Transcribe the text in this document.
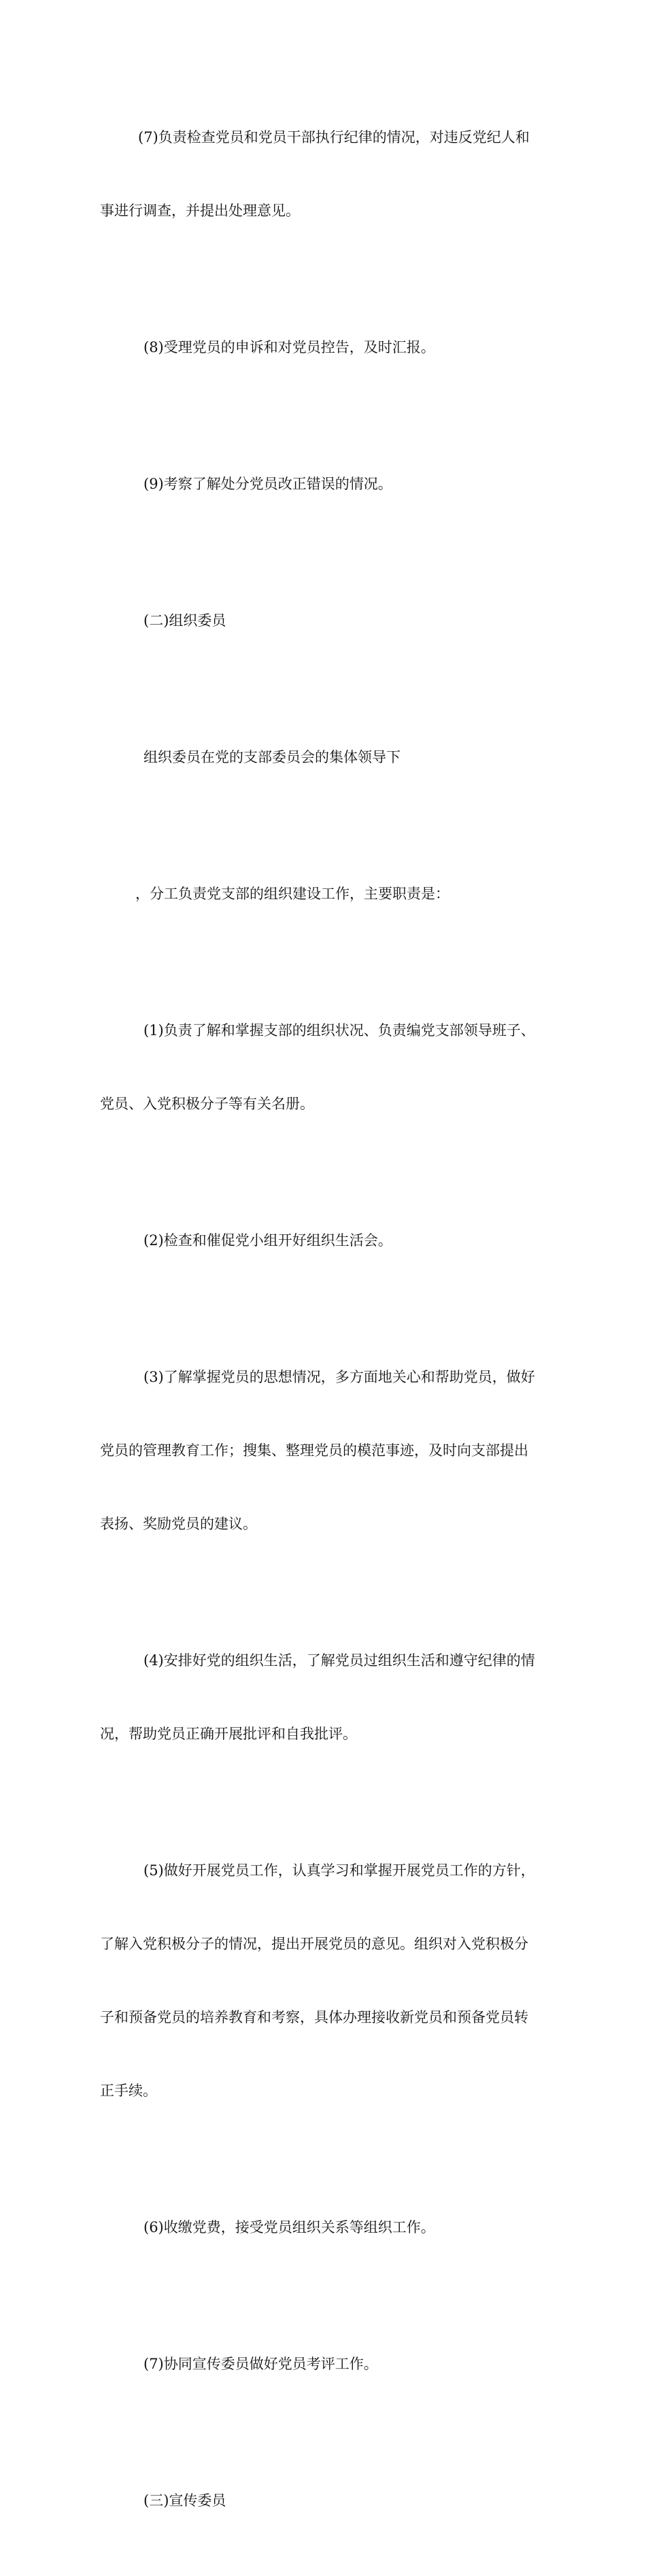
(7)负责检查党员和党员干部执行纪律的情况，对违反党纪人和

事进行调查，并提出处理意见。

(8)受理党员的申诉和对党员控告，及时汇报。

(9)考察了解处分党员改正错误的情况。

(二)组织委员

组织委员在党的支部委员会的集体领导下

，分工负责党支部的组织建设工作，主要职责是：

(1)负责了解和掌握支部的组织状况、负责编党支部领导班子、

党员、入党积极分子等有关名册。

(2)检查和催促党小组开好组织生活会。

(3)了解掌握党员的思想情况，多方面地关心和帮助党员，做好

党员的管理教育工作；搜集、整理党员的模范事迹，及时向支部提出

表扬、奖励党员的建议。

(4)安排好党的组织生活，了解党员过组织生活和遵守纪律的情

况，帮助党员正确开展批评和自我批评。

(5)做好开展党员工作，认真学习和掌握开展党员工作的方针，

了解入党积极分子的情况，提出开展党员的意见。组织对入党积极分

子和预备党员的培养教育和考察，具体办理接收新党员和预备党员转

正手续。

(6)收缴党费，接受党员组织关系等组织工作。

(7)协同宣传委员做好党员考评工作。

(三)宣传委员
